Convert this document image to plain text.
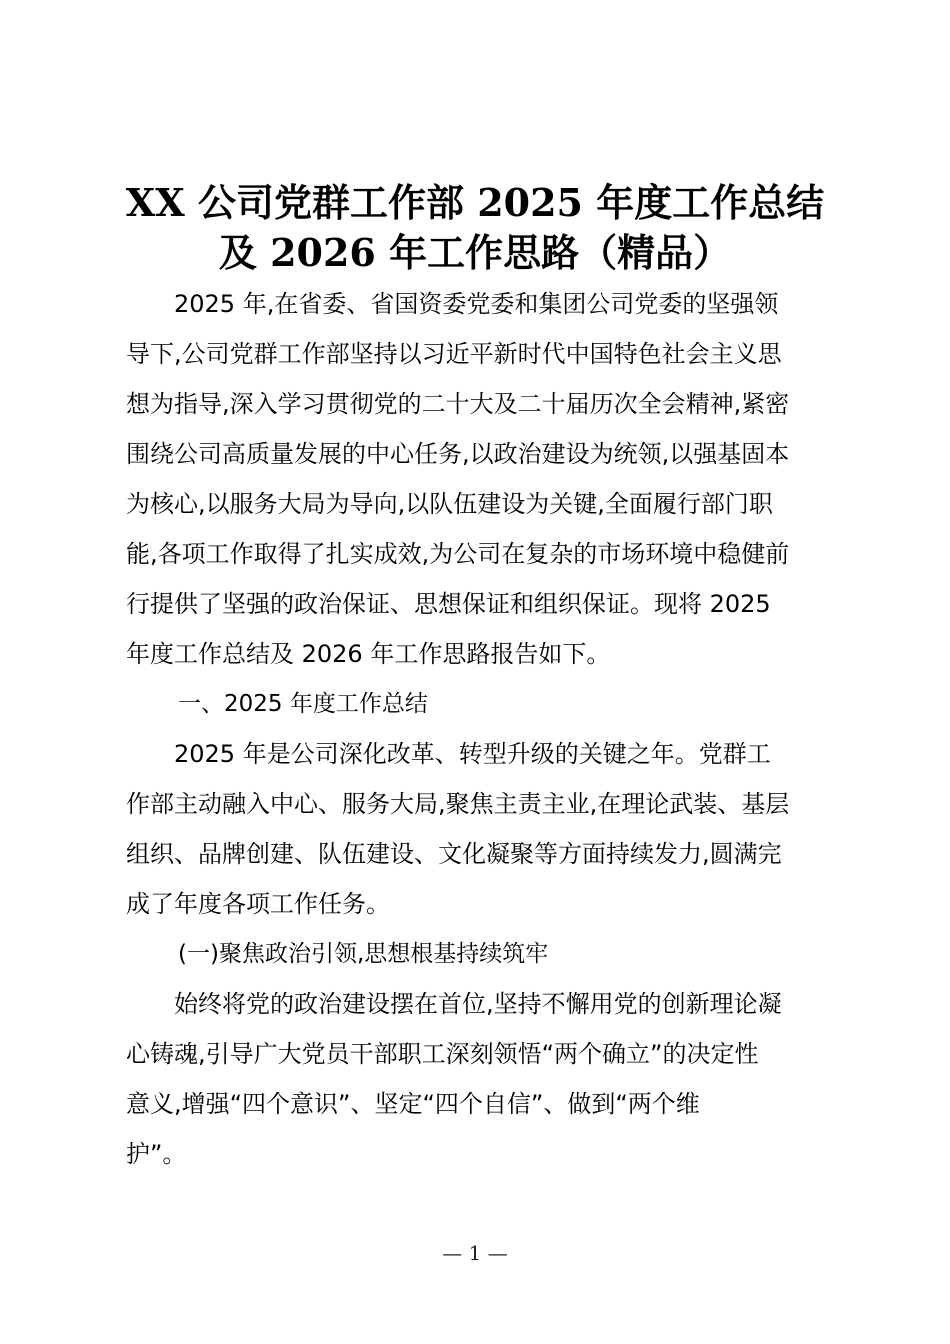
XX 公司党群工作部 2025 年度工作总结
及 2026 年工作思路（精品）

　　2025 年,在省委、省国资委党委和集团公司党委的坚强领
导下,公司党群工作部坚持以习近平新时代中国特色社会主义思
想为指导,深入学习贯彻党的二十大及二十届历次全会精神,紧密
围绕公司高质量发展的中心任务,以政治建设为统领,以强基固本
为核心,以服务大局为导向,以队伍建设为关键,全面履行部门职
能,各项工作取得了扎实成效,为公司在复杂的市场环境中稳健前
行提供了坚强的政治保证、思想保证和组织保证。现将 2025
年度工作总结及 2026 年工作思路报告如下。

一、2025 年度工作总结

　　2025 年是公司深化改革、转型升级的关键之年。党群工
作部主动融入中心、服务大局,聚焦主责主业,在理论武装、基层
组织、品牌创建、队伍建设、文化凝聚等方面持续发力,圆满完
成了年度各项工作任务。

(一)聚焦政治引领,思想根基持续筑牢

　　始终将党的政治建设摆在首位,坚持不懈用党的创新理论凝
心铸魂,引导广大党员干部职工深刻领悟“两个确立”的决定性
意义,增强“四个意识”、坚定“四个自信”、做到“两个维
护”。

— 1 —
